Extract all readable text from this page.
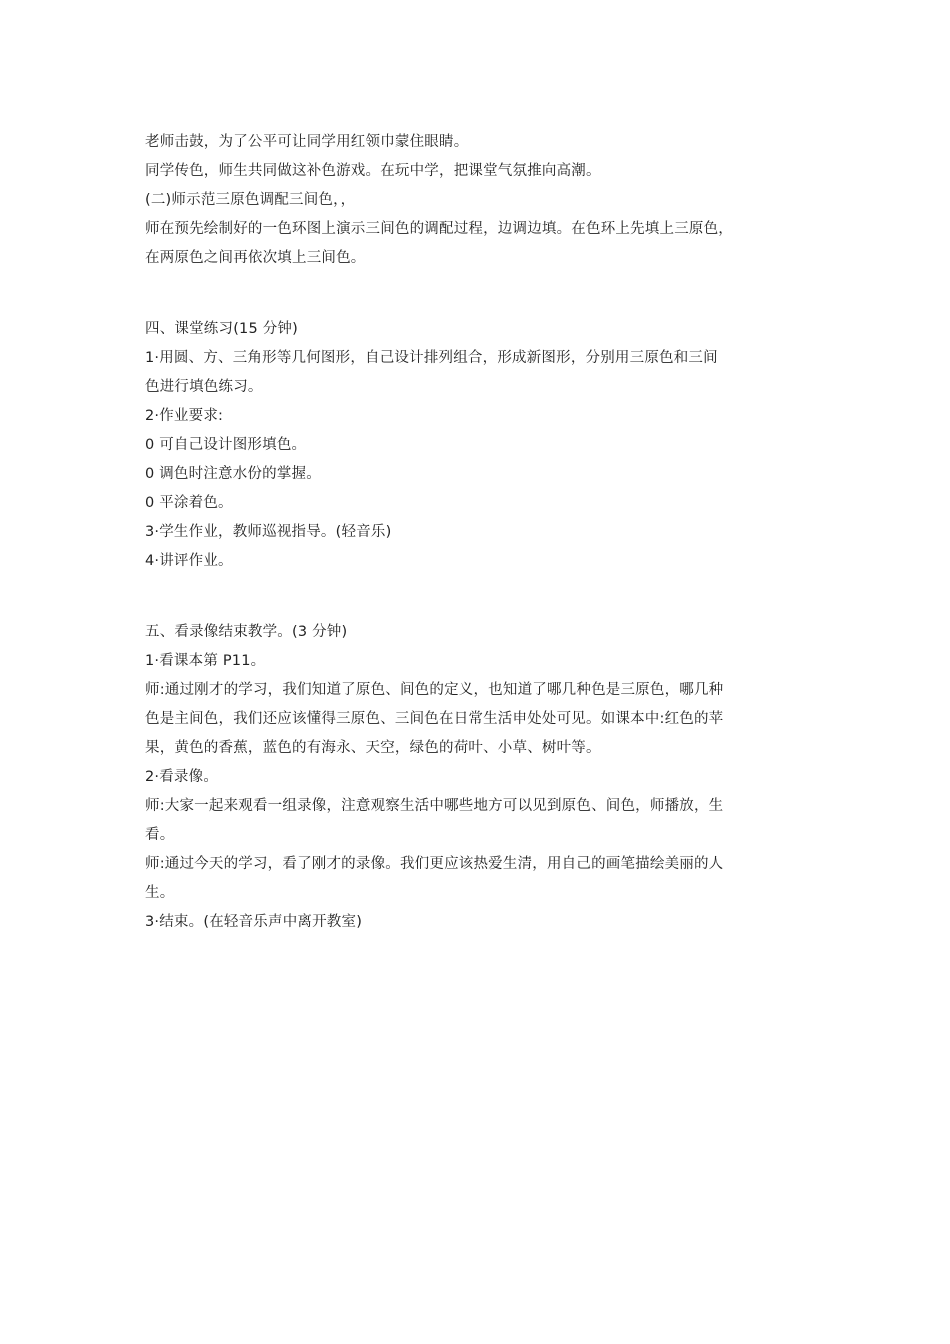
老师击鼓，为了公平可让同学用红领巾蒙住眼睛。
同学传色，师生共同做这补色游戏。在玩中学，把课堂气氛推向高潮。
(二)师示范三原色调配三间色，，
师在预先绘制好的一色环图上演示三间色的调配过程，边调边填。在色环上先填上三原色，
在两原色之间再依次填上三间色。
四、课堂练习(15 分钟)
1·用圆、方、三角形等几何图形，自己设计排列组合，形成新图形，分别用三原色和三间
色进行填色练习。
2·作业要求:
0 可自己设计图形填色。
0 调色时注意水份的掌握。
0 平涂着色。
3·学生作业，教师巡视指导。(轻音乐)
4·讲评作业。
五、看录像结束教学。(3 分钟)
1·看课本第 P11。
师:通过刚才的学习，我们知道了原色、间色的定义，也知道了哪几种色是三原色，哪几种
色是主间色，我们还应该懂得三原色、三间色在日常生活申处处可见。如课本中:红色的苹
果，黄色的香蕉，蓝色的有海永、天空，绿色的荷叶、小草、树叶等。
2·看录像。
师:大家一起来观看一组录像，注意观察生活中哪些地方可以见到原色、间色，师播放，生
看。
师:通过今天的学习，看了刚才的录像。我们更应该热爱生清，用自己的画笔描绘美丽的人
生。
3·结束。(在轻音乐声中离开教室)
